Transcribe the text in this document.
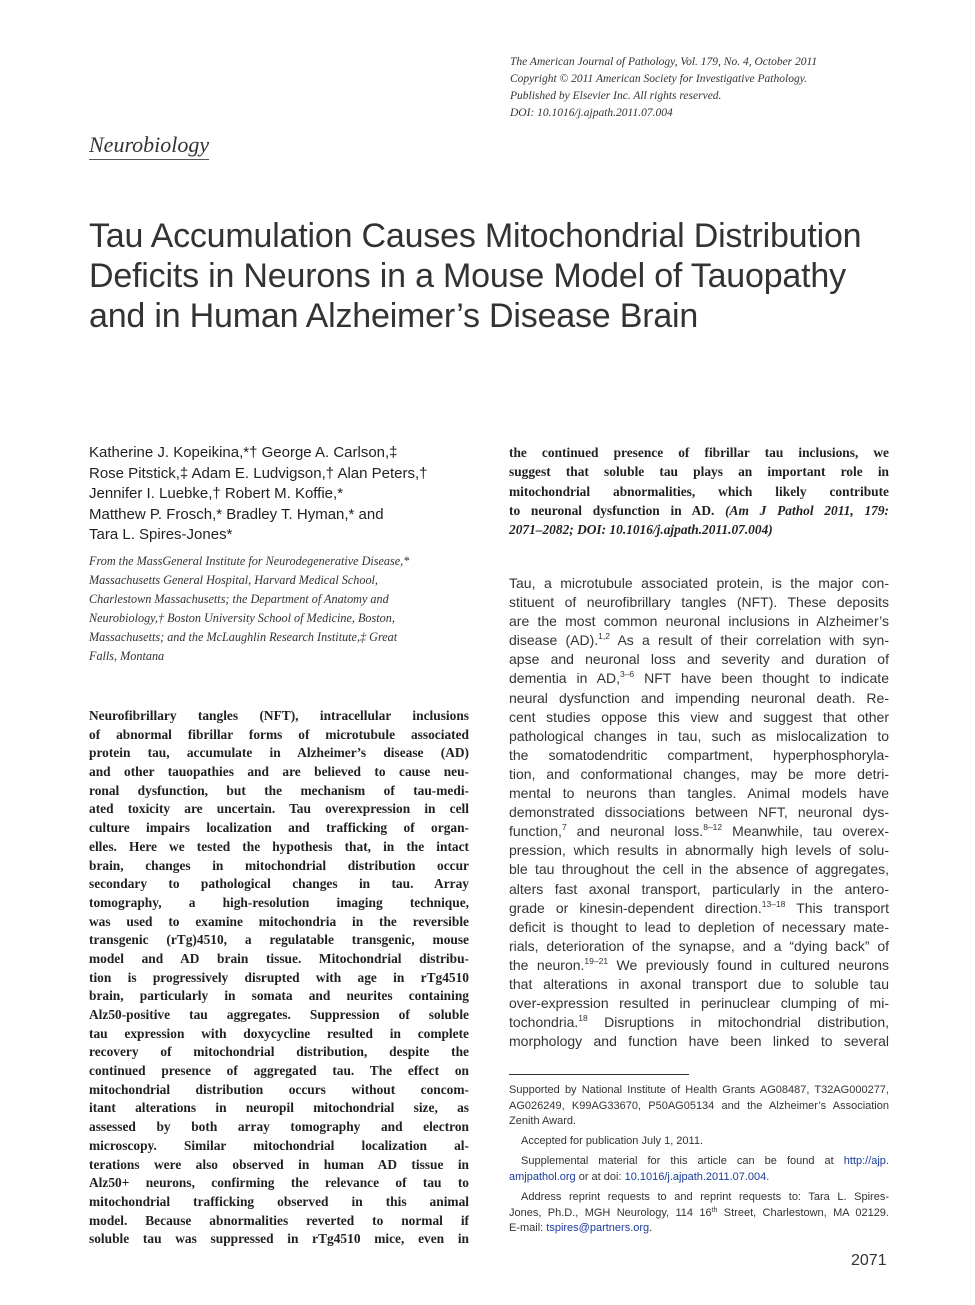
The American Journal of Pathology, Vol. 179, No. 4, October 2011
Copyright © 2011 American Society for Investigative Pathology.
Published by Elsevier Inc. All rights reserved.
DOI: 10.1016/j.ajpath.2011.07.004
Neurobiology
Tau Accumulation Causes Mitochondrial Distribution
Deficits in Neurons in a Mouse Model of Tauopathy
and in Human Alzheimer’s Disease Brain
Katherine J. Kopeikina,*† George A. Carlson,‡
Rose Pitstick,‡ Adam E. Ludvigson,† Alan Peters,†
Jennifer I. Luebke,† Robert M. Koffie,*
Matthew P. Frosch,* Bradley T. Hyman,* and
Tara L. Spires-Jones*
From the MassGeneral Institute for Neurodegenerative Disease,*
Massachusetts General Hospital, Harvard Medical School,
Charlestown Massachusetts; the Department of Anatomy and
Neurobiology,† Boston University School of Medicine, Boston,
Massachusetts; and the McLaughlin Research Institute,‡ Great
Falls, Montana
Neurofibrillary tangles (NFT), intracellular inclusions
of abnormal fibrillar forms of microtubule associated
protein tau, accumulate in Alzheimer’s disease (AD)
and other tauopathies and are believed to cause neu-
ronal dysfunction, but the mechanism of tau-medi-
ated toxicity are uncertain. Tau overexpression in cell
culture impairs localization and trafficking of organ-
elles. Here we tested the hypothesis that, in the intact
brain, changes in mitochondrial distribution occur
secondary to pathological changes in tau. Array
tomography, a high-resolution imaging technique,
was used to examine mitochondria in the reversible
transgenic (rTg)4510, a regulatable transgenic, mouse
model and AD brain tissue. Mitochondrial distribu-
tion is progressively disrupted with age in rTg4510
brain, particularly in somata and neurites containing
Alz50-positive tau aggregates. Suppression of soluble
tau expression with doxycycline resulted in complete
recovery of mitochondrial distribution, despite the
continued presence of aggregated tau. The effect on
mitochondrial distribution occurs without concom-
itant alterations in neuropil mitochondrial size, as
assessed by both array tomography and electron
microscopy. Similar mitochondrial localization al-
terations were also observed in human AD tissue in
Alz50+ neurons, confirming the relevance of tau to
mitochondrial trafficking observed in this animal
model. Because abnormalities reverted to normal if
soluble tau was suppressed in rTg4510 mice, even in
the continued presence of fibrillar tau inclusions, we
suggest that soluble tau plays an important role in
mitochondrial abnormalities, which likely contribute
to neuronal dysfunction in AD. (Am J Pathol 2011, 179:
2071–2082; DOI: 10.1016/j.ajpath.2011.07.004)
Tau, a microtubule associated protein, is the major con-
stituent of neurofibrillary tangles (NFT). These deposits
are the most common neuronal inclusions in Alzheimer’s
disease (AD).$^{1,2}$ As a result of their correlation with syn-
apse and neuronal loss and severity and duration of
dementia in AD,$^{3-6}$ NFT have been thought to indicate
neural dysfunction and impending neuronal death. Re-
cent studies oppose this view and suggest that other
pathological changes in tau, such as mislocalization to
the somatodendritic compartment, hyperphosphoryla-
tion, and conformational changes, may be more detri-
mental to neurons than tangles. Animal models have
demonstrated dissociations between NFT, neuronal dys-
function,$^7$ and neuronal loss.$^{8-12}$ Meanwhile, tau overex-
pression, which results in abnormally high levels of solu-
ble tau throughout the cell in the absence of aggregates,
alters fast axonal transport, particularly in the antero-
grade or kinesin-dependent direction.$^{13-18}$ This transport
deficit is thought to lead to depletion of necessary mate-
rials, deterioration of the synapse, and a “dying back” of
the neuron.$^{19-21}$ We previously found in cultured neurons
that alterations in axonal transport due to soluble tau
over-expression resulted in perinuclear clumping of mi-
tochondria.$^{18}$ Disruptions in mitochondrial distribution,
morphology and function have been linked to several
Supported by National Institute of Health Grants AG08487, T32AG000277,
AG026249, K99AG33670, P50AG05134 and the Alzheimer’s Association
Zenith Award.
Accepted for publication July 1, 2011.
Supplemental material for this article can be found at http://ajp.
amjpathol.org or at doi: 10.1016/j.ajpath.2011.07.004.
Address reprint requests to and reprint requests to: Tara L. Spires-
Jones, Ph.D., MGH Neurology, 114 16th Street, Charlestown, MA 02129.
E-mail: tspires@partners.org.
2071
